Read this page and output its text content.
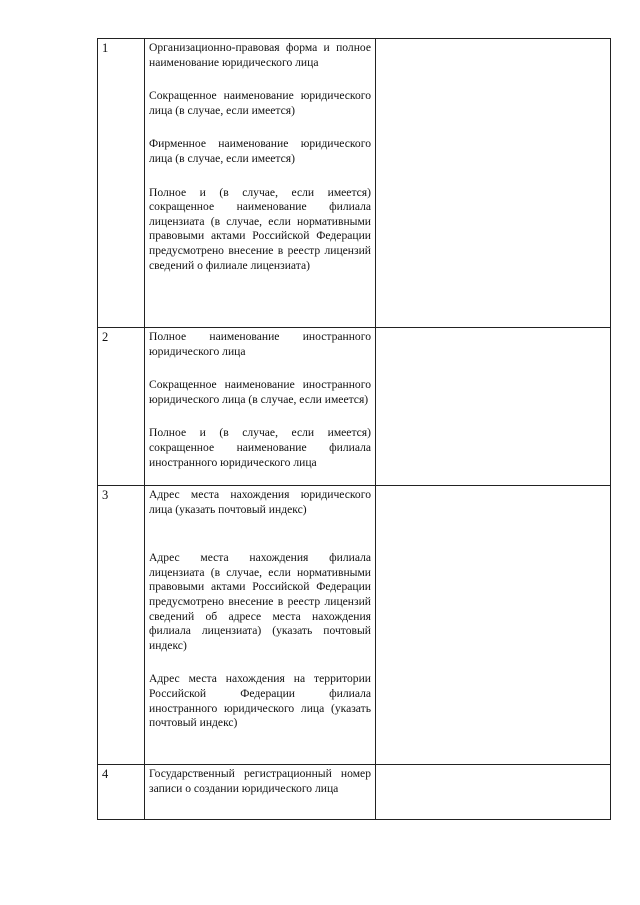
1	Организационно-правовая форма и полное наименование юридического лица

Сокращенное наименование юридического лица (в случае, если имеется)

Фирменное наименование юридического лица (в случае, если имеется)

Полное и (в случае, если имеется) сокращенное наименование филиала лицензиата (в случае, если нормативными правовыми актами Российской Федерации предусмотрено внесение в реестр лицензий сведений о филиале лицензиата)	

2	Полное наименование иностранного юридического лица

Сокращенное наименование иностранного юридического лица (в случае, если имеется)

Полное и (в случае, если имеется) сокращенное наименование филиала иностранного юридического лица	

3	Адрес места нахождения юридического лица (указать почтовый индекс)

Адрес места нахождения филиала лицензиата (в случае, если нормативными правовыми актами Российской Федерации предусмотрено внесение в реестр лицензий сведений об адресе места нахождения филиала лицензиата) (указать почтовый индекс)

Адрес места нахождения на территории Российской Федерации филиала иностранного юридического лица (указать почтовый индекс)	

4	Государственный регистрационный номер записи о создании юридического лица	
